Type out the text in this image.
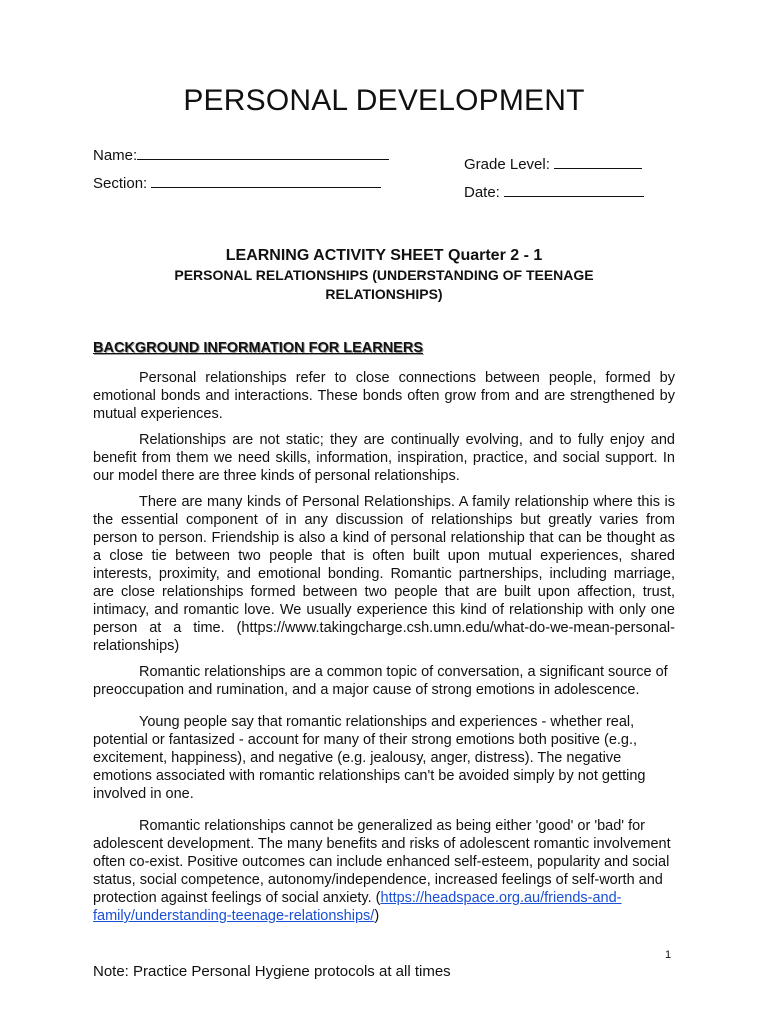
PERSONAL DEVELOPMENT
Name:
Section:
Grade Level:
Date:
LEARNING ACTIVITY SHEET Quarter 2 - 1
PERSONAL RELATIONSHIPS (UNDERSTANDING OF TEENAGE RELATIONSHIPS)
BACKGROUND INFORMATION FOR LEARNERS

Personal relationships refer to close connections between people, formed by emotional bonds and interactions. These bonds often grow from and are strengthened by mutual experiences.

Relationships are not static; they are continually evolving, and to fully enjoy and benefit from them we need skills, information, inspiration, practice, and social support. In our model there are three kinds of personal relationships.

There are many kinds of Personal Relationships. A family relationship where this is the essential component of in any discussion of relationships but greatly varies from person to person. Friendship is also a kind of personal relationship that can be thought as a close tie between two people that is often built upon mutual experiences, shared interests, proximity, and emotional bonding. Romantic partnerships, including marriage, are close relationships formed between two people that are built upon affection, trust, intimacy, and romantic love. We usually experience this kind of relationship with only one person at a time. (https://www.takingcharge.csh.umn.edu/what-do-we-mean-personal-relationships)

Romantic relationships are a common topic of conversation, a significant source of preoccupation and rumination, and a major cause of strong emotions in adolescence.

Young people say that romantic relationships and experiences - whether real, potential or fantasized - account for many of their strong emotions both positive (e.g., excitement, happiness), and negative (e.g. jealousy, anger, distress). The negative emotions associated with romantic relationships can't be avoided simply by not getting involved in one.

Romantic relationships cannot be generalized as being either 'good' or 'bad' for adolescent development. The many benefits and risks of adolescent romantic involvement often co-exist. Positive outcomes can include enhanced self-esteem, popularity and social status, social competence, autonomy/independence, increased feelings of self-worth and protection against feelings of social anxiety. (https://headspace.org.au/friends-and-family/understanding-teenage-relationships/)

1
Note: Practice Personal Hygiene protocols at all times
